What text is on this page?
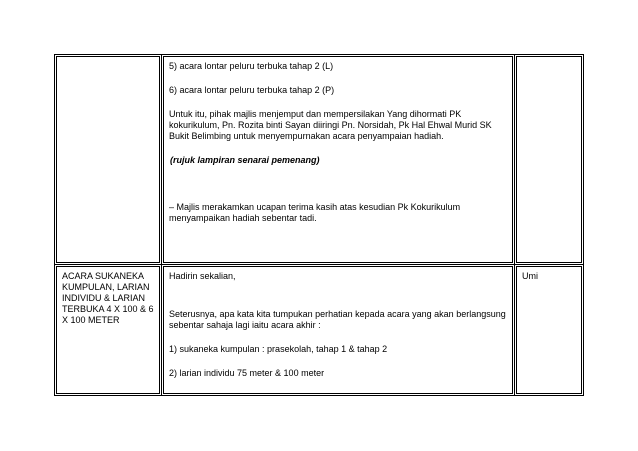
5) acara lontar peluru terbuka tahap 2 (L)
6) acara lontar peluru terbuka tahap 2 (P)
Untuk itu, pihak majlis menjemput dan mempersilakan Yang dihormati PK
kokurikulum, Pn. Rozita binti Sayan diiringi Pn. Norsidah, Pk Hal Ehwal Murid SK
Bukit Belimbing untuk menyempurnakan acara penyampaian hadiah.
(rujuk lampiran senarai pemenang)
– Majlis merakamkan ucapan terima kasih atas kesudian Pk Kokurikulum
menyampaikan hadiah sebentar tadi.
ACARA SUKANEKA
KUMPULAN, LARIAN
INDIVIDU & LARIAN
TERBUKA 4 X 100 & 6
X 100 METER
Hadirin sekalian,
Seterusnya, apa kata kita tumpukan perhatian kepada acara yang akan berlangsung
sebentar sahaja lagi iaitu acara akhir :
1) sukaneka kumpulan : prasekolah, tahap 1 & tahap 2
2) larian individu 75 meter & 100 meter
Umi
